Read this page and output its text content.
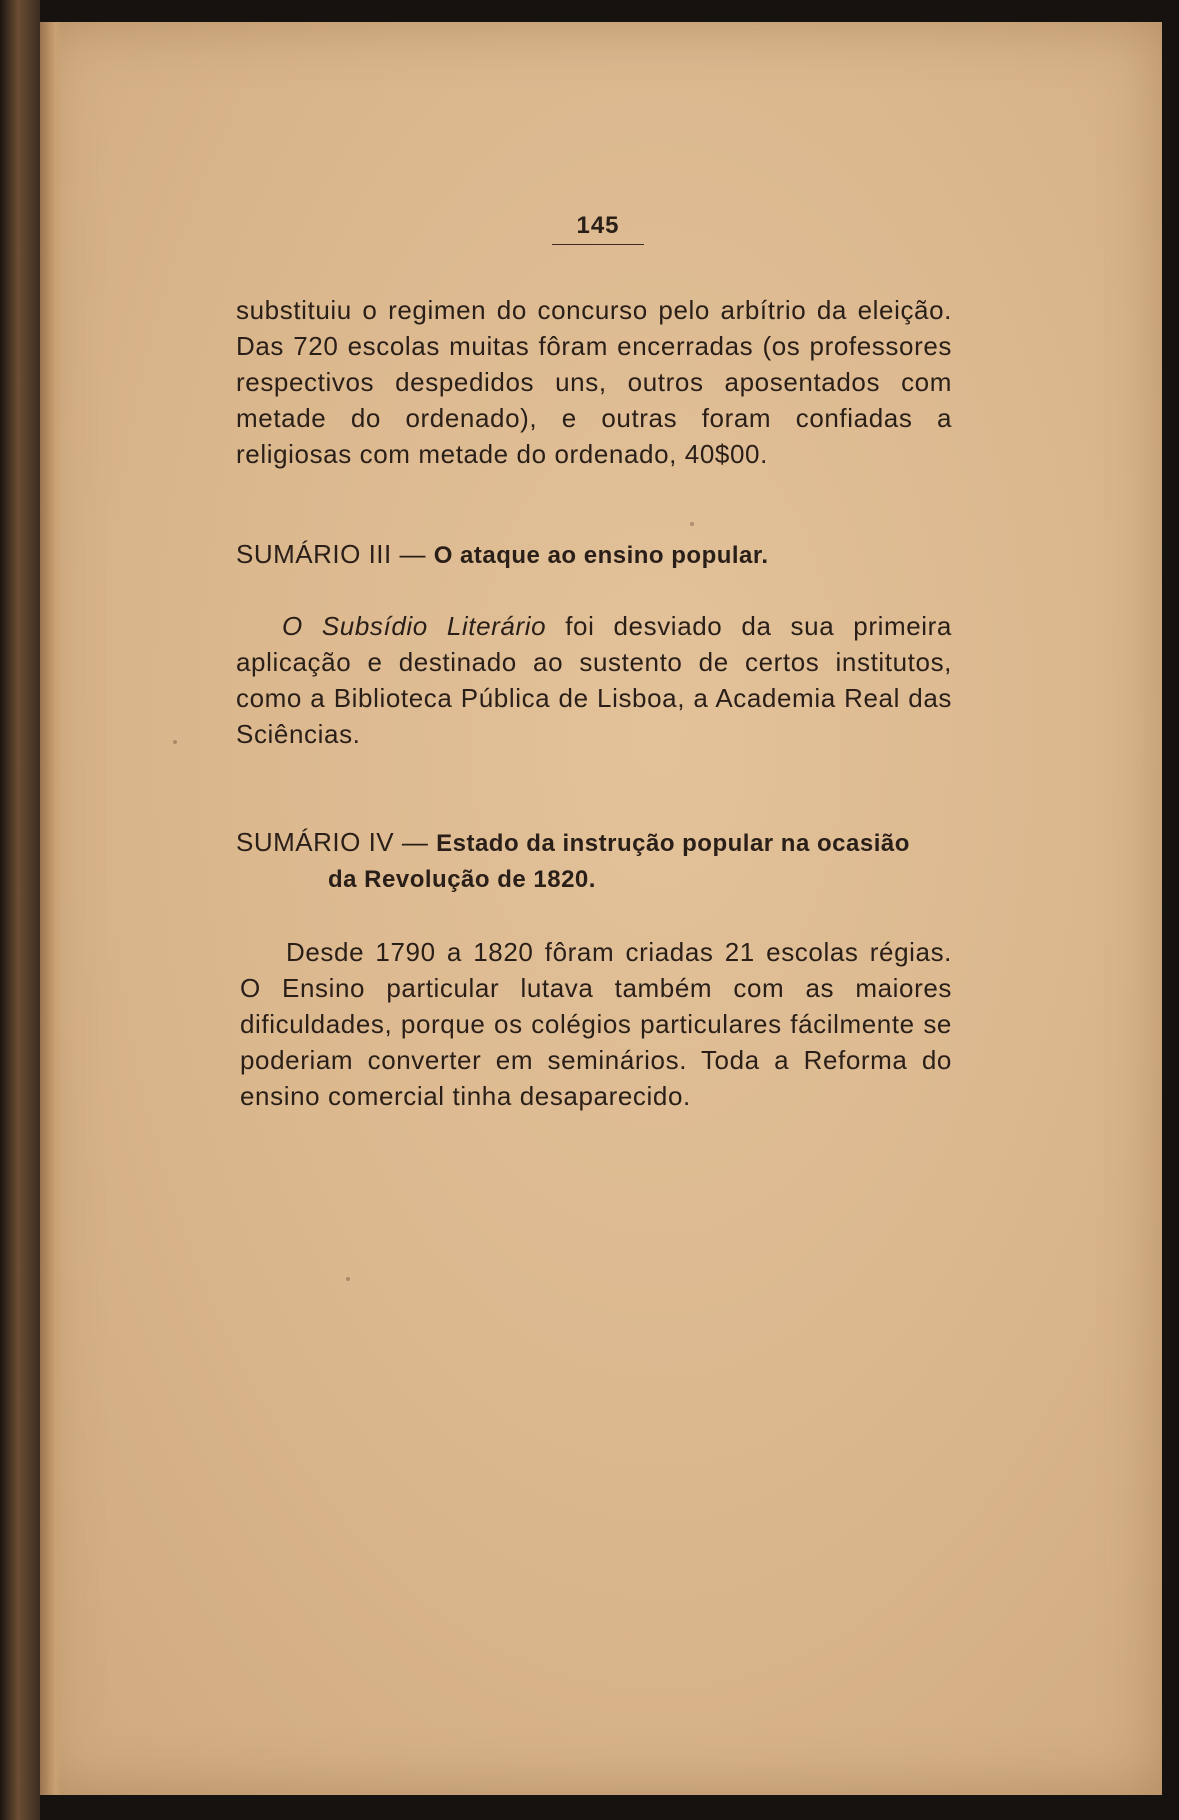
145

substituiu o regimen do concurso pelo arbítrio da eleição. Das 720 escolas muitas fôram encerradas (os professores respectivos despedidos uns, outros aposentados com metade do ordenado), e outras foram confiadas a religiosas com metade do ordenado, 40$00.

SUMÁRIO III — O ataque ao ensino popular.

O Subsídio Literário foi desviado da sua primeira aplicação e destinado ao sustento de certos institutos, como a Biblioteca Pública de Lisboa, a Academia Real das Sciências.

SUMÁRIO IV — Estado da instrução popular na ocasião
da Revolução de 1820.

Desde 1790 a 1820 fôram criadas 21 escolas régias. O Ensino particular lutava também com as maiores dificuldades, porque os colégios particulares fácilmente se poderiam converter em seminários. Toda a Reforma do ensino comercial tinha desaparecido.
